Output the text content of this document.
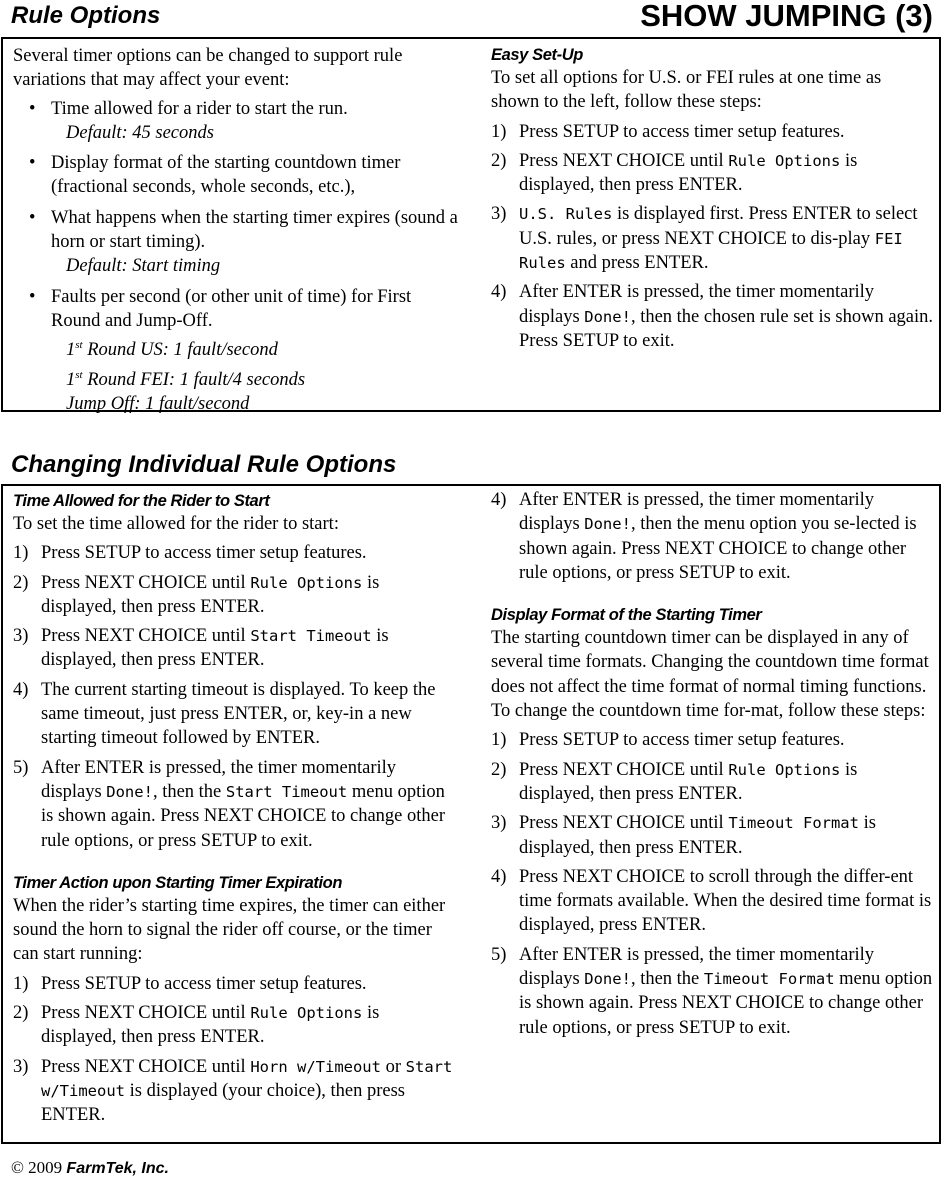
Rule Options	SHOW JUMPING (3)

Several timer options can be changed to support rule variations that may affect your event:

• Time allowed for a rider to start the run.
Default: 45 seconds
• Display format of the starting countdown timer (fractional seconds, whole seconds, etc.),
• What happens when the starting timer expires (sound a horn or start timing).
Default: Start timing
• Faults per second (or other unit of time) for First Round and Jump-Off.
1st Round US: 1 fault/second
1st Round FEI: 1 fault/4 seconds
Jump Off: 1 fault/second
Easy Set-Up

To set all options for U.S. or FEI rules at one time as shown to the left, follow these steps:

1) Press SETUP to access timer setup features.
2) Press NEXT CHOICE until Rule Options is displayed, then press ENTER.
3) U.S. Rules is displayed first. Press ENTER to select U.S. rules, or press NEXT CHOICE to dis-play FEI Rules and press ENTER.
4) After ENTER is pressed, the timer momentarily displays Done!, then the chosen rule set is shown again. Press SETUP to exit.
Changing Individual Rule Options
Time Allowed for the Rider to Start

To set the time allowed for the rider to start:

1) Press SETUP to access timer setup features.
2) Press NEXT CHOICE until Rule Options is displayed, then press ENTER.
3) Press NEXT CHOICE until Start Timeout is displayed, then press ENTER.
4) The current starting timeout is displayed. To keep the same timeout, just press ENTER, or, key-in a new starting timeout followed by ENTER.
5) After ENTER is pressed, the timer momentarily displays Done!, then the Start Timeout menu option is shown again. Press NEXT CHOICE to change other rule options, or press SETUP to exit.
Timer Action upon Starting Timer Expiration

When the rider’s starting time expires, the timer can either sound the horn to signal the rider off course, or the timer can start running:

1) Press SETUP to access timer setup features.
2) Press NEXT CHOICE until Rule Options is displayed, then press ENTER.
3) Press NEXT CHOICE until Horn w/Timeout or Start w/Timeout is displayed (your choice), then press ENTER.
4) After ENTER is pressed, the timer momentarily displays Done!, then the menu option you se-lected is shown again. Press NEXT CHOICE to change other rule options, or press SETUP to exit.
Display Format of the Starting Timer

The starting countdown timer can be displayed in any of several time formats. Changing the countdown time format does not affect the time format of normal timing functions. To change the countdown time for-mat, follow these steps:

1) Press SETUP to access timer setup features.
2) Press NEXT CHOICE until Rule Options is displayed, then press ENTER.
3) Press NEXT CHOICE until Timeout Format is displayed, then press ENTER.
4) Press NEXT CHOICE to scroll through the differ-ent time formats available. When the desired time format is displayed, press ENTER.
5) After ENTER is pressed, the timer momentarily displays Done!, then the Timeout Format menu option is shown again. Press NEXT CHOICE to change other rule options, or press SETUP to exit.
© 2009 FarmTek, Inc.
